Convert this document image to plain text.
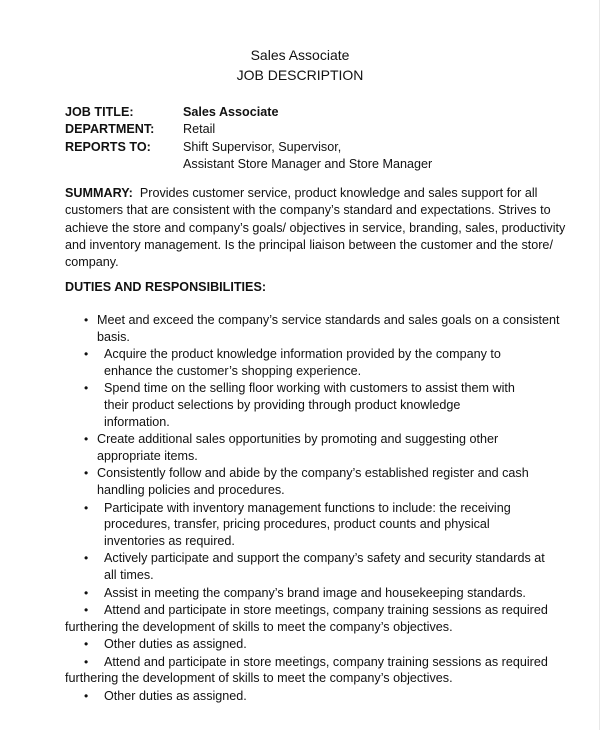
Sales Associate
JOB DESCRIPTION
JOB TITLE:	Sales Associate
DEPARTMENT:	Retail
REPORTS TO:	Shift Supervisor, Supervisor,
Assistant Store Manager and Store Manager
SUMMARY: Provides customer service, product knowledge and sales support for all
customers that are consistent with the company’s standard and expectations. Strives to
achieve the store and company’s goals/ objectives in service, branding, sales, productivity
and inventory management. Is the principal liaison between the customer and the store/
company.
DUTIES AND RESPONSIBILITIES:
• Meet and exceed the company’s service standards and sales goals on a consistent
basis.
•	Acquire the product knowledge information provided by the company to
enhance the customer’s shopping experience.
•	Spend time on the selling floor working with customers to assist them with
their product selections by providing through product knowledge
information.
• Create additional sales opportunities by promoting and suggesting other
appropriate items.
• Consistently follow and abide by the company’s established register and cash
handling policies and procedures.
•	Participate with inventory management functions to include: the receiving
procedures, transfer, pricing procedures, product counts and physical
inventories as required.
•	Actively participate and support the company’s safety and security standards at
all times.
•	Assist in meeting the company’s brand image and housekeeping standards.
•	Attend and participate in store meetings, company training sessions as required
furthering the development of skills to meet the company’s objectives.
•	Other duties as assigned.
•	Attend and participate in store meetings, company training sessions as required
furthering the development of skills to meet the company’s objectives.
•	Other duties as assigned.
